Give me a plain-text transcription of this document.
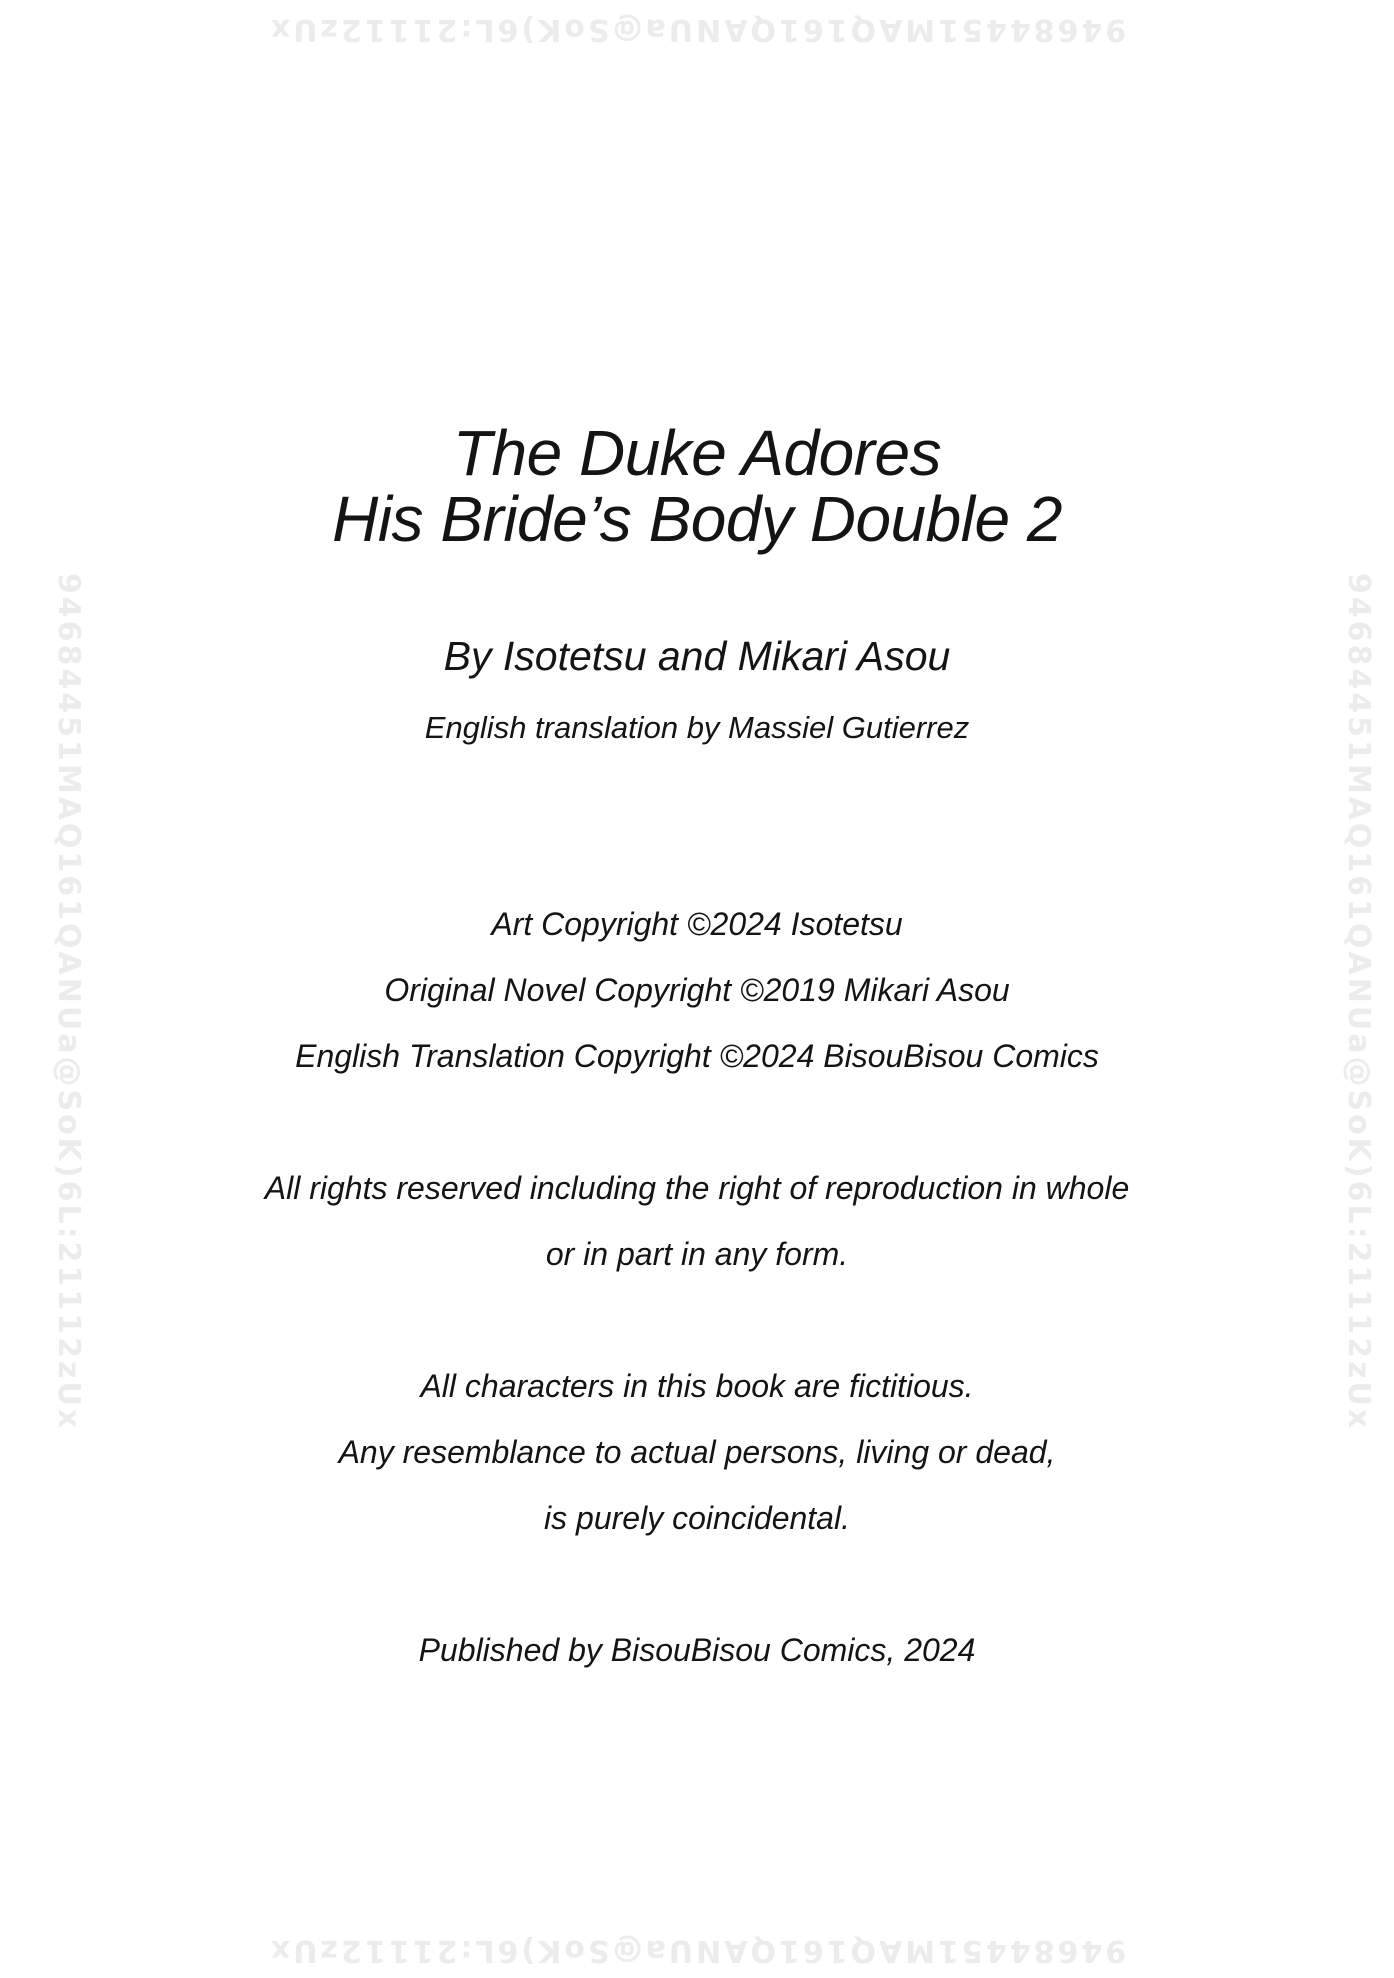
94684451MAQ161QANUa@SoK)6L:21112zUx
94684451MAQ161QANUa@SoK)6L:21112zUx	94684451MAQ161QANUa@SoK)6L:21112zUx
94684451MAQ161QANUa@SoK)6L:21112zUx
The Duke Adores
His Bride’s Body Double 2
By Isotetsu and Mikari Asou
English translation by Massiel Gutierrez
Art Copyright ©2024 Isotetsu
Original Novel Copyright ©2019 Mikari Asou
English Translation Copyright ©2024 BisouBisou Comics
All rights reserved including the right of reproduction in whole
or in part in any form.
All characters in this book are fictitious.
Any resemblance to actual persons, living or dead,
is purely coincidental.
Published by BisouBisou Comics, 2024
